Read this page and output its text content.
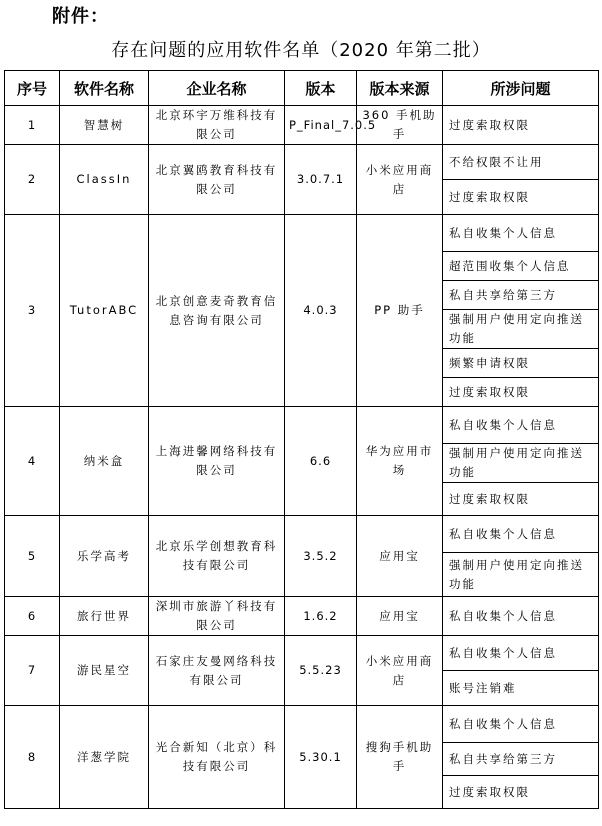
附件：
存在问题的应用软件名单（2020 年第二批）
序号	软件名称	企业名称	版本	版本来源	所涉问题
1	智慧树	北京环宇万维科技有限公司	P_Final_7.0.5	360 手机助手	过度索取权限
2	ClassIn	北京翼鸥教育科技有限公司	3.0.7.1	小米应用商店	不给权限不让用
					过度索取权限
3	TutorABC	北京创意麦奇教育信息咨询有限公司	4.0.3	PP 助手	私自收集个人信息
					超范围收集个人信息
					私自共享给第三方
					强制用户使用定向推送功能
					频繁申请权限
					过度索取权限
4	纳米盒	上海进馨网络科技有限公司	6.6	华为应用市场	私自收集个人信息
					强制用户使用定向推送功能
					过度索取权限
5	乐学高考	北京乐学创想教育科技有限公司	3.5.2	应用宝	私自收集个人信息
					强制用户使用定向推送功能
6	旅行世界	深圳市旅游丫科技有限公司	1.6.2	应用宝	私自收集个人信息
7	游民星空	石家庄友曼网络科技有限公司	5.5.23	小米应用商店	私自收集个人信息
					账号注销难
8	洋葱学院	光合新知（北京）科技有限公司	5.30.1	搜狗手机助手	私自收集个人信息
					私自共享给第三方
					过度索取权限
